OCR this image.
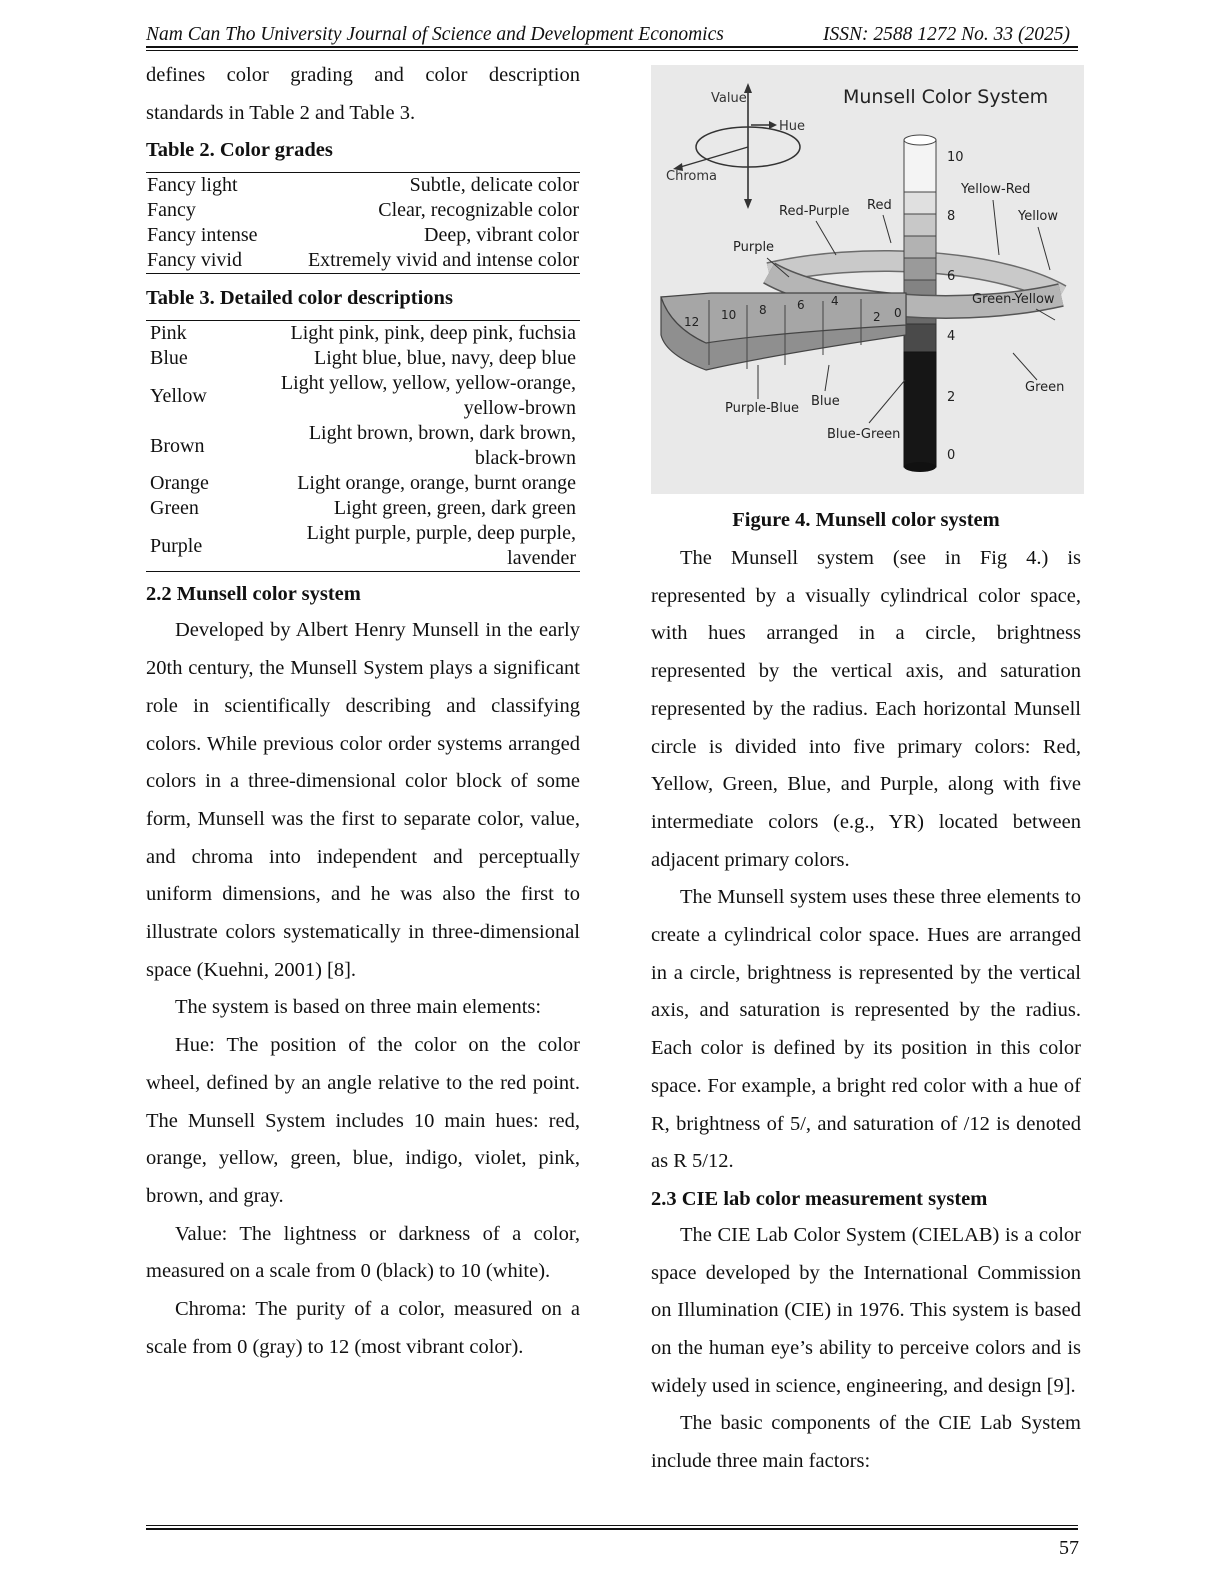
Nam Can Tho University Journal of Science and Development Economics	ISSN: 2588 1272 No. 33 (2025)

defines color grading and color description

standards in Table 2 and Table 3.

Table 2. Color grades

Fancy light	Subtle, delicate color
Fancy	Clear, recognizable color
Fancy intense	Deep, vibrant color
Fancy vivid	Extremely vivid and intense color

Table 3. Detailed color descriptions

Pink	Light pink, pink, deep pink, fuchsia
Blue	Light blue, blue, navy, deep blue
Yellow	Light yellow, yellow, yellow-orange,
yellow-brown
Brown	Light brown, brown, dark brown,
black-brown
Orange	Light orange, orange, burnt orange
Green	Light green, green, dark green
Purple	Light purple, purple, deep purple,
lavender

2.2 Munsell color system

Developed by Albert Henry Munsell in the early 20th century, the Munsell System plays a significant role in scientifically describing and classifying colors. While previous color order systems arranged colors in a three-dimensional color block of some form, Munsell was the first to separate color, value, and chroma into independent and perceptually uniform dimensions, and he was also the first to illustrate colors systematically in three-dimensional space (Kuehni, 2001) [8].

The system is based on three main elements:

Hue: The position of the color on the color wheel, defined by an angle relative to the red point. The Munsell System includes 10 main hues: red, orange, yellow, green, blue, indigo, violet, pink, brown, and gray.

Value: The lightness or darkness of a color, measured on a scale from 0 (black) to 10 (white).

Chroma: The purity of a color, measured on a scale from 0 (gray) to 12 (most vibrant color).

Munsell Color System
Value
Hue
Chroma
10
8
6
5
4
2
0
12 10 8	6 4
2 0
Red-Purple Red
Yellow-Red
Yellow
Purple
Green-Yellow
Green
Purple-Blue Blue
Blue-Green

Figure 4. Munsell color system

The Munsell system (see in Fig 4.) is represented by a visually cylindrical color space, with hues arranged in a circle, brightness represented by the vertical axis, and saturation represented by the radius. Each horizontal Munsell circle is divided into five primary colors: Red, Yellow, Green, Blue, and Purple, along with five intermediate colors (e.g., YR) located between adjacent primary colors.

The Munsell system uses these three elements to create a cylindrical color space. Hues are arranged in a circle, brightness is represented by the vertical axis, and saturation is represented by the radius. Each color is defined by its position in this color space. For example, a bright red color with a hue of R, brightness of 5/, and saturation of /12 is denoted as R 5/12.

2.3 CIE lab color measurement system

The CIE Lab Color System (CIELAB) is a color space developed by the International Commission on Illumination (CIE) in 1976. This system is based on the human eye’s ability to perceive colors and is widely used in science, engineering, and design [9].

The basic components of the CIE Lab System include three main factors:

57
